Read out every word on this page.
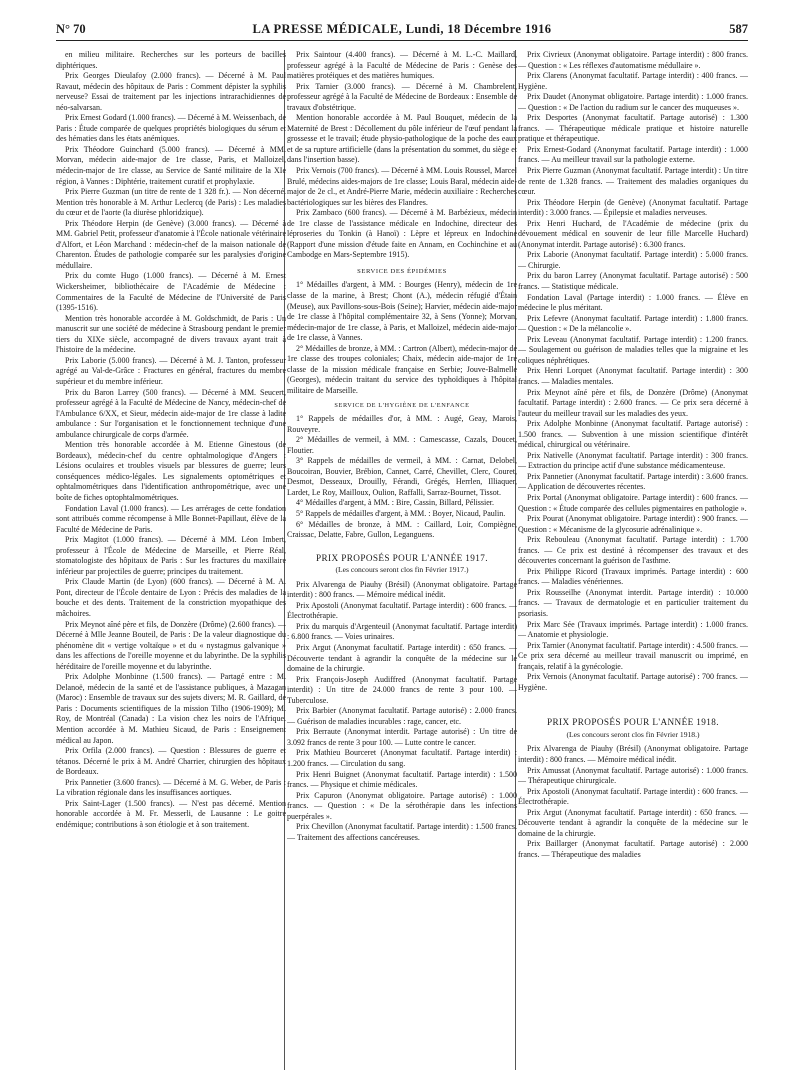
N° 70	LA PRESSE MÉDICALE, Lundi, 18 Décembre 1916	587

en milieu militaire. Recherches sur les porteurs de bacilles diphtériques.

Prix Georges Dieulafoy (2.000 francs). — Décerné à M. Paul Ravaut, médecin des hôpitaux de Paris : Comment dépister la syphilis nerveuse? Essai de traitement par les injections intrarachidiennes de néo-salvarsan.

Prix Ernest Godard (1.000 francs). — Décerné à M. Weissenbach, de Paris : Étude comparée de quelques propriétés biologiques du sérum et des hématies dans les états anémiques.

Prix Théodore Guinchard (5.000 francs). — Décerné à MM. Morvan, médecin aide-major de 1re classe, Paris, et Malloizel, médecin-major de 1re classe, au Service de Santé militaire de la XIe région, à Vannes : Diphtérie, traitement curatif et prophylaxie.

Prix Pierre Guzman (un titre de rente de 1 328 fr.). — Non décerné. Mention très honorable à M. Arthur Leclercq (de Paris) : Les maladies du cœur et de l'aorte (la diurèse phloridzique).

Prix Théodore Herpin (de Genève) (3.000 francs). — Décerné à MM. Gabriel Petit, professeur d'anatomie à l'École nationale vétérinaire d'Alfort, et Léon Marchand : médecin-chef de la maison nationale de Charenton. Études de pathologie comparée sur les paralysies d'origine médullaire.

Prix du comte Hugo (1.000 francs). — Décerné à M. Ernest Wickersheimer, bibliothécaire de l'Académie de Médecine : Commentaires de la Faculté de Médecine de l'Université de Paris (1395-1516).

Mention très honorable accordée à M. Goldschmidt, de Paris : Un manuscrit sur une société de médecine à Strasbourg pendant le premier tiers du XIXe siècle, accompagné de divers travaux ayant trait à l'histoire de la médecine.

Prix Laborie (5.000 francs). — Décerné à M. J. Tanton, professeur agrégé au Val-de-Grâce : Fractures en général, fractures du membre supérieur et du membre inférieur.

Prix du Baron Larrey (500 francs). — Décerné à MM. Seucert, professeur agrégé à la Faculté de Médecine de Nancy, médecin-chef de l'Ambulance 6/XX, et Sieur, médecin aide-major de 1re classe à ladite ambulance : Sur l'organisation et le fonctionnement technique d'une ambulance chirurgicale de corps d'armée.

Mention très honorable accordée à M. Etienne Ginestous (de Bordeaux), médecin-chef du centre ophtalmologique d'Angers : Lésions oculaires et troubles visuels par blessures de guerre; leurs conséquences médico-légales. Les signalements optométriques et ophtalmométriques dans l'identification anthropométrique, avec une boîte de fiches optophtalmométriques.

Fondation Laval (1.000 francs). — Les arrérages de cette fondation sont attribués comme récompense à Mlle Bonnet-Papillaut, élève de la Faculté de Médecine de Paris.

Prix Magitot (1.000 francs). — Décerné à MM. Léon Imbert, professeur à l'École de Médecine de Marseille, et Pierre Réal, stomatologiste des hôpitaux de Paris : Sur les fractures du maxillaire inférieur par projectiles de guerre; principes du traitement.

Prix Claude Martin (de Lyon) (600 francs). — Décerné à M. A. Pont, directeur de l'École dentaire de Lyon : Précis des maladies de la bouche et des dents. Traitement de la constriction myopathique des mâchoires.

Prix Meynot aîné père et fils, de Donzère (Drôme) (2.600 francs). — Décerné à Mlle Jeanne Bouteil, de Paris : De la valeur diagnostique du phénomène dit « vertige voltaïque » et du « nystagmus galvanique » dans les affections de l'oreille moyenne et du labyrinthe. De la syphilis héréditaire de l'oreille moyenne et du labyrinthe.

Prix Adolphe Monbinne (1.500 francs). — Partagé entre : M. Delanoë, médecin de la santé et de l'assistance publiques, à Mazagan (Maroc) : Ensemble de travaux sur des sujets divers; M. R. Gaillard, de Paris : Documents scientifiques de la mission Tilho (1906-1909); M. Roy, de Montréal (Canada) : La vision chez les noirs de l'Afrique. Mention accordée à M. Mathieu Sicaud, de Paris : Enseignement médical au Japon.

Prix Orfila (2.000 francs). — Question : Blessures de guerre et tétanos. Décerné le prix à M. André Charrier, chirurgien des hôpitaux de Bordeaux.

Prix Pannetier (3.600 francs). — Décerné à M. G. Weber, de Paris : La vibration régionale dans les insuffisances aortiques.

Prix Saint-Lager (1.500 francs). — N'est pas décerné. Mention honorable accordée à M. Fr. Messerli, de Lausanne : Le goitre endémique; contributions à son étiologie et à son traitement.

Prix Saintour (4.400 francs). — Décerné à M. L.-C. Maillard, professeur agrégé à la Faculté de Médecine de Paris : Genèse des matières protéiques et des matières humiques.

Prix Tarnier (3.000 francs). — Décerné à M. Chambrelent, professeur agrégé à la Faculté de Médecine de Bordeaux : Ensemble de travaux d'obstétrique.

Mention honorable accordée à M. Paul Bouquet, médecin de la Maternité de Brest : Décollement du pôle inférieur de l'œuf pendant la grossesse et le travail; étude physio-pathologique de la poche des eaux et de sa rupture artificielle (dans la présentation du sommet, du siège et dans l'insertion basse).

Prix Vernois (700 francs). — Décerné à MM. Louis Roussel, Marcel Brulé, médecins aides-majors de 1re classe; Louis Baral, médecin aide-major de 2e cl., et André-Pierre Marie, médecin auxiliaire : Recherches bactériologiques sur les bières des Flandres.

Prix Zambaco (600 francs). — Décerné à M. Barbézieux, médecin de 1re classe de l'assistance médicale en Indochine, directeur des léproseries du Tonkin (à Hanoï) : Lèpre et lépreux en Indochine (Rapport d'une mission d'étude faite en Annam, en Cochinchine et au Cambodge en Mars-Septembre 1915).

SERVICE DES ÉPIDÉMIES

1° Médailles d'argent, à MM. : Bourges (Henry), médecin de 1re classe de la marine, à Brest; Chont (A.), médecin réfugié d'Étain (Meuse), aux Pavillons-sous-Bois (Seine); Harvier, médecin aide-major de 1re classe à l'hôpital complémentaire 32, à Sens (Yonne); Morvan, médecin-major de 1re classe, à Paris, et Malloizel, médecin aide-major de 1re classe, à Vannes.

2° Médailles de bronze, à MM. : Cartron (Albert), médecin-major de 1re classe des troupes coloniales; Chaix, médecin aide-major de 1re classe de la mission médicale française en Serbie; Jouve-Balmelle (Georges), médecin traitant du service des typhoïdiques à l'hôpital militaire de Marseille.

SERVICE DE L'HYGIÈNE DE L'ENFANCE

1° Rappels de médailles d'or, à MM. : Augé, Geay, Marois, Rouveyre.

2° Médailles de vermeil, à MM. : Camescasse, Cazals, Doucet, Floutier.

3° Rappels de médailles de vermeil, à MM. : Carnat, Delobel, Boucoiran, Bouvier, Brébion, Cannet, Carré, Chevillet, Clerc, Couret, Desmot, Desseaux, Drouilly, Férandi, Grégés, Herrlen, Illiaquer, Lardet, Le Roy, Mailloux, Oulion, Raffalli, Sarraz-Bournet, Tissot.

4° Médailles d'argent, à MM. : Bire, Cassin, Billard, Pélissier.

5° Rappels de médailles d'argent, à MM. : Boyer, Nicaud, Paulin.

6° Médailles de bronze, à MM. : Caillard, Loir, Compiègne, Craissac, Delatte, Fabre, Gullon, Leganguens.

PRIX PROPOSÉS POUR L'ANNÉE 1917.

(Les concours seront clos fin Février 1917.)

Prix Alvarenga de Piauhy (Brésil) (Anonymat obligatoire. Partage interdit) : 800 francs. — Mémoire médical inédit.

Prix Apostoli (Anonymat facultatif. Partage interdit) : 600 francs. — Électrothérapie.

Prix du marquis d'Argenteuil (Anonymat facultatif. Partage interdit) : 6.800 francs. — Voies urinaires.

Prix Argut (Anonymat facultatif. Partage interdit) : 650 francs. — Découverte tendant à agrandir la conquête de la médecine sur le domaine de la chirurgie.

Prix François-Joseph Audiffred (Anonymat facultatif. Partage interdit) : Un titre de 24.000 francs de rente 3 pour 100. — Tuberculose.

Prix Barbier (Anonymat facultatif. Partage autorisé) : 2.000 francs. — Guérison de maladies incurables : rage, cancer, etc.

Prix Berraute (Anonymat interdit. Partage autorisé) : Un titre de 3.092 francs de rente 3 pour 100. — Lutte contre le cancer.

Prix Mathieu Bourceret (Anonymat facultatif. Partage interdit) : 1.200 francs. — Circulation du sang.

Prix Henri Buignet (Anonymat facultatif. Partage interdit) : 1.500 francs. — Physique et chimie médicales.

Prix Capuron (Anonymat obligatoire. Partage autorisé) : 1.000 francs. — Question : « De la sérothérapie dans les infections puerpérales ».

Prix Chevillon (Anonymat facultatif. Partage interdit) : 1.500 francs. — Traitement des affections cancéreuses.

Prix Civrieux (Anonymat obligatoire. Partage interdit) : 800 francs. — Question : « Les réflexes d'automatisme médullaire ».

Prix Clarens (Anonymat facultatif. Partage interdit) : 400 francs. — Hygiène.

Prix Daudet (Anonymat obligatoire. Partage interdit) : 1.000 francs. — Question : « De l'action du radium sur le cancer des muqueuses ».

Prix Desportes (Anonymat facultatif. Partage autorisé) : 1.300 francs. — Thérapeutique médicale pratique et histoire naturelle pratique et thérapeutique.

Prix Ernest-Godard (Anonymat facultatif. Partage interdit) : 1.000 francs. — Au meilleur travail sur la pathologie externe.

Prix Pierre Guzman (Anonymat facultatif. Partage interdit) : Un titre de rente de 1.328 francs. — Traitement des maladies organiques du cœur.

Prix Théodore Herpin (de Genève) (Anonymat facultatif. Partage interdit) : 3.000 francs. — Épilepsie et maladies nerveuses.

Prix Henri Huchard, de l'Académie de médecine (prix du dévouement médical en souvenir de leur fille Marcelle Huchard) (Anonymat interdit. Partage autorisé) : 6.300 francs.

Prix Laborie (Anonymat facultatif. Partage interdit) : 5.000 francs. — Chirurgie.

Prix du baron Larrey (Anonymat facultatif. Partage autorisé) : 500 francs. — Statistique médicale.

Fondation Laval (Partage interdit) : 1.000 francs. — Élève en médecine le plus méritant.

Prix Lefevre (Anonymat facultatif. Partage interdit) : 1.800 francs. — Question : « De la mélancolie ».

Prix Leveau (Anonymat facultatif. Partage interdit) : 1.200 francs. — Soulagement ou guérison de maladies telles que la migraine et les coliques néphrétiques.

Prix Henri Lorquet (Anonymat facultatif. Partage interdit) : 300 francs. — Maladies mentales.

Prix Meynot aîné père et fils, de Donzère (Drôme) (Anonymat facultatif. Partage interdit) : 2.600 francs. — Ce prix sera décerné à l'auteur du meilleur travail sur les maladies des yeux.

Prix Adolphe Monbinne (Anonymat facultatif. Partage autorisé) : 1.500 francs. — Subvention à une mission scientifique d'intérêt médical, chirurgical ou vétérinaire.

Prix Nativelle (Anonymat facultatif. Partage interdit) : 300 francs. — Extraction du principe actif d'une substance médicamenteuse.

Prix Pannetier (Anonymat facultatif. Partage interdit) : 3.600 francs. — Application de découvertes récentes.

Prix Portal (Anonymat obligatoire. Partage interdit) : 600 francs. — Question : « Étude comparée des cellules pigmentaires en pathologie ».

Prix Pourat (Anonymat obligatoire. Partage interdit) : 900 francs. — Question : « Mécanisme de la glycosurie adrénalinique ».

Prix Rebouleau (Anonymat facultatif. Partage interdit) : 1.700 francs. — Ce prix est destiné à récompenser des travaux et des découvertes concernant la guérison de l'asthme.

Prix Philippe Ricord (Travaux imprimés. Partage interdit) : 600 francs. — Maladies vénériennes.

Prix Rousseilhe (Anonymat interdit. Partage interdit) : 10.000 francs. — Travaux de dermatologie et en particulier traitement du psoriasis.

Prix Marc Sée (Travaux imprimés. Partage interdit) : 1.000 francs. — Anatomie et physiologie.

Prix Tarnier (Anonymat facultatif. Partage interdit) : 4.500 francs. — Ce prix sera décerné au meilleur travail manuscrit ou imprimé, en français, relatif à la gynécologie.

Prix Vernois (Anonymat facultatif. Partage autorisé) : 700 francs. — Hygiène.

PRIX PROPOSÉS POUR L'ANNÉE 1918.

(Les concours seront clos fin Février 1918.)

Prix Alvarenga de Piauhy (Brésil) (Anonymat obligatoire. Partage interdit) : 800 francs. — Mémoire médical inédit.

Prix Amussat (Anonymat facultatif. Partage autorisé) : 1.000 francs. — Thérapeutique chirurgicale.

Prix Apostoli (Anonymat facultatif. Partage interdit) : 600 francs. — Électrothérapie.

Prix Argut (Anonymat facultatif. Partage interdit) : 650 francs. — Découverte tendant à agrandir la conquête de la médecine sur le domaine de la chirurgie.

Prix Baillarger (Anonymat facultatif. Partage autorisé) : 2.000 francs. — Thérapeutique des maladies
